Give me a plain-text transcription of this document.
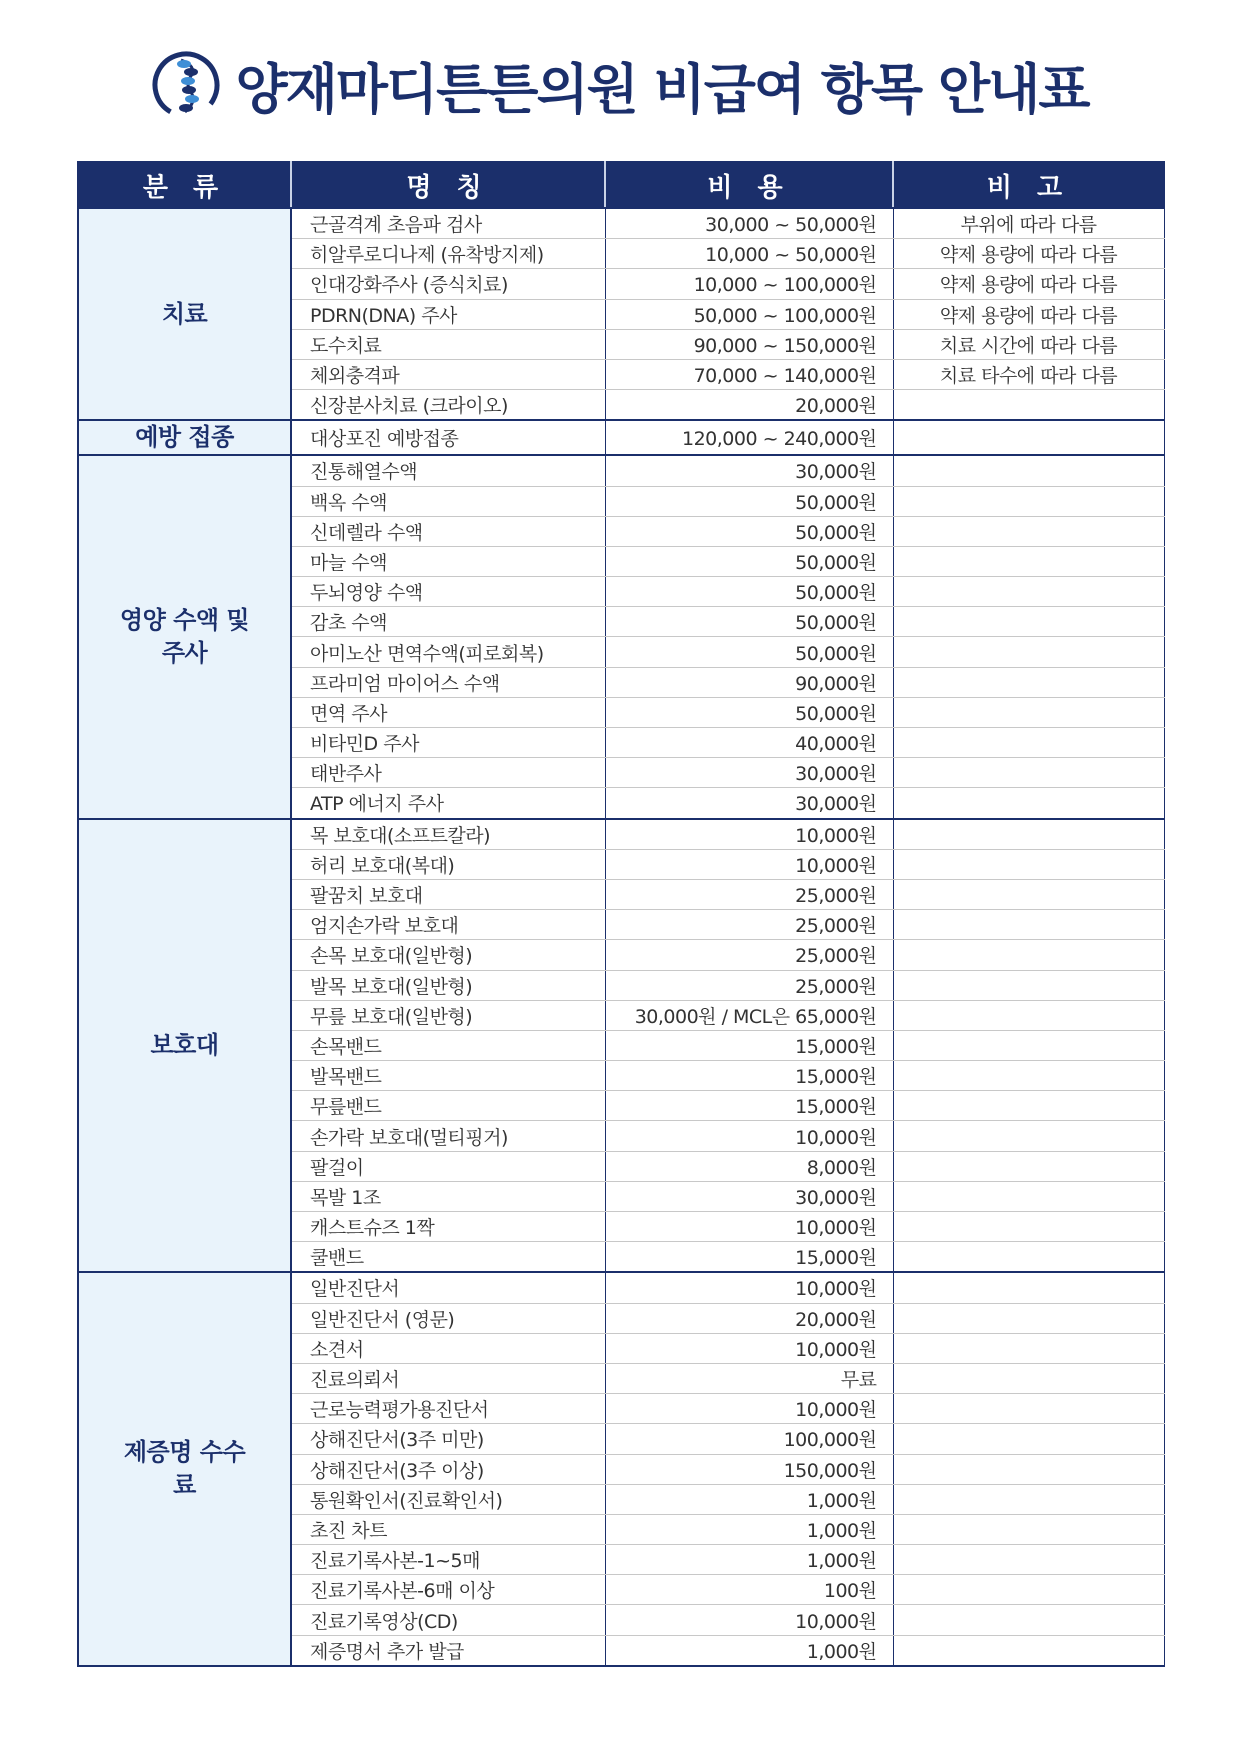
양재마디튼튼의원 비급여 항목 안내표
분 류	명 칭	비 용	비 고
치료	근골격계 초음파 검사	30,000 ~ 50,000원	부위에 따라 다름
	히알루로디나제 (유착방지제)	10,000 ~ 50,000원	약제 용량에 따라 다름
	인대강화주사 (증식치료)	10,000 ~ 100,000원	약제 용량에 따라 다름
	PDRN(DNA) 주사	50,000 ~ 100,000원	약제 용량에 따라 다름
	도수치료	90,000 ~ 150,000원	치료 시간에 따라 다름
	체외충격파	70,000 ~ 140,000원	치료 타수에 따라 다름
	신장분사치료 (크라이오)	20,000원	
예방 접종	대상포진 예방접종	120,000 ~ 240,000원	
영양 수액 및 주사	진통해열수액	30,000원	
	백옥 수액	50,000원	
	신데렐라 수액	50,000원	
	마늘 수액	50,000원	
	두뇌영양 수액	50,000원	
	감초 수액	50,000원	
	아미노산 면역수액(피로회복)	50,000원	
	프라미엄 마이어스 수액	90,000원	
	면역 주사	50,000원	
	비타민D 주사	40,000원	
	태반주사	30,000원	
	ATP 에너지 주사	30,000원	
보호대	목 보호대(소프트칼라)	10,000원	
	허리 보호대(복대)	10,000원	
	팔꿈치 보호대	25,000원	
	엄지손가락 보호대	25,000원	
	손목 보호대(일반형)	25,000원	
	발목 보호대(일반형)	25,000원	
	무릎 보호대(일반형)	30,000원 / MCL은 65,000원	
	손목밴드	15,000원	
	발목밴드	15,000원	
	무릎밴드	15,000원	
	손가락 보호대(멀티핑거)	10,000원	
	팔걸이	8,000원	
	목발 1조	30,000원	
	캐스트슈즈 1짝	10,000원	
	쿨밴드	15,000원	
제증명 수수료	일반진단서	10,000원	
	일반진단서 (영문)	20,000원	
	소견서	10,000원	
	진료의뢰서	무료	
	근로능력평가용진단서	10,000원	
	상해진단서(3주 미만)	100,000원	
	상해진단서(3주 이상)	150,000원	
	통원확인서(진료확인서)	1,000원	
	초진 차트	1,000원	
	진료기록사본-1~5매	1,000원	
	진료기록사본-6매 이상	100원	
	진료기록영상(CD)	10,000원	
	제증명서 추가 발급	1,000원	
